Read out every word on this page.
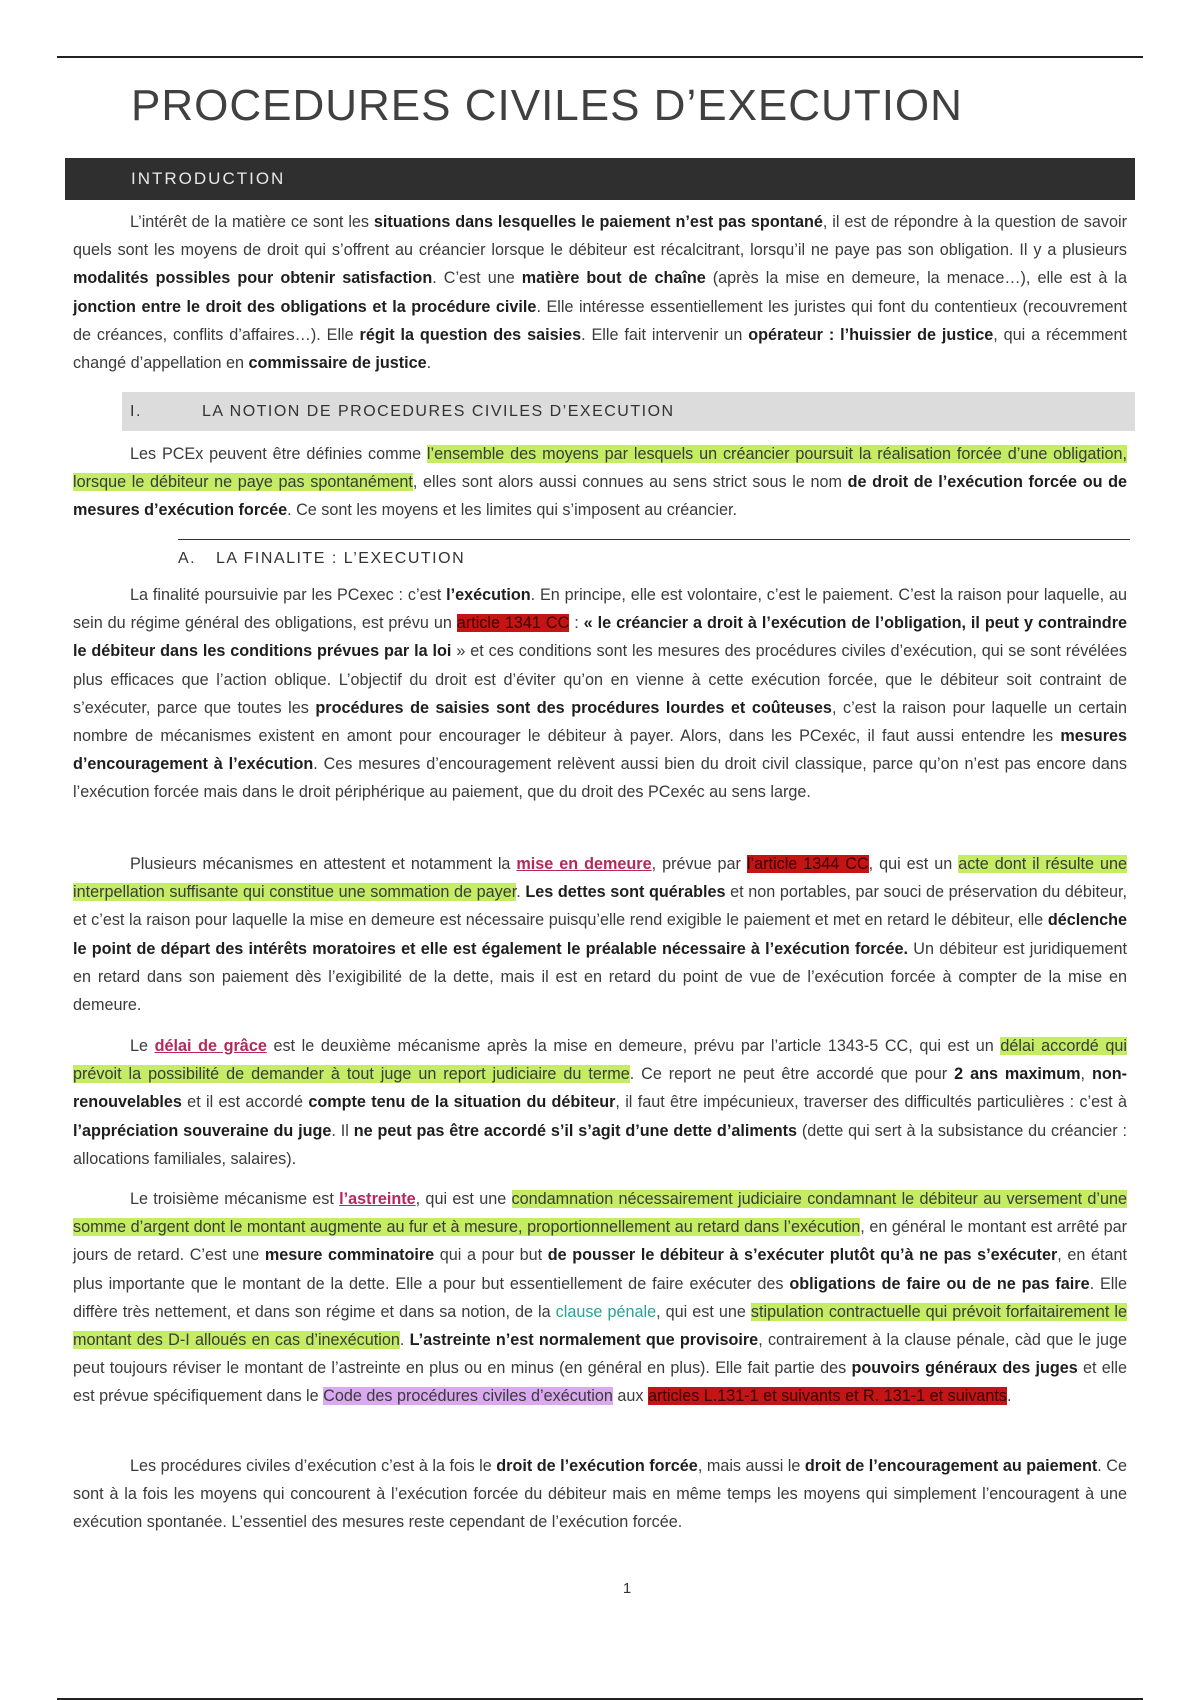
PROCEDURES CIVILES D’EXECUTION
INTRODUCTION

L’intérêt de la matière ce sont les situations dans lesquelles le paiement n’est pas spontané, il est de répondre à la question de savoir quels sont les moyens de droit qui s’offrent au créancier lorsque le débiteur est récalcitrant, lorsqu’il ne paye pas son obligation. Il y a plusieurs modalités possibles pour obtenir satisfaction. C’est une matière bout de chaîne (après la mise en demeure, la menace…), elle est à la jonction entre le droit des obligations et la procédure civile. Elle intéresse essentiellement les juristes qui font du contentieux (recouvrement de créances, conflits d’affaires…). Elle régit la question des saisies. Elle fait intervenir un opérateur : l’huissier de justice, qui a récemment changé d’appellation en commissaire de justice.

I.	LA NOTION DE PROCEDURES CIVILES D’EXECUTION

Les PCEx peuvent être définies comme l’ensemble des moyens par lesquels un créancier poursuit la réalisation forcée d’une obligation, lorsque le débiteur ne paye pas spontanément, elles sont alors aussi connues au sens strict sous le nom de droit de l’exécution forcée ou de mesures d’exécution forcée. Ce sont les moyens et les limites qui s’imposent au créancier.

A. LA FINALITE : L’EXECUTION

La finalité poursuivie par les PCexec : c’est l’exécution. En principe, elle est volontaire, c’est le paiement. C’est la raison pour laquelle, au sein du régime général des obligations, est prévu un article 1341 CC : « le créancier a droit à l’exécution de l’obligation, il peut y contraindre le débiteur dans les conditions prévues par la loi » et ces conditions sont les mesures des procédures civiles d’exécution, qui se sont révélées plus efficaces que l’action oblique. L’objectif du droit est d’éviter qu’on en vienne à cette exécution forcée, que le débiteur soit contraint de s’exécuter, parce que toutes les procédures de saisies sont des procédures lourdes et coûteuses, c’est la raison pour laquelle un certain nombre de mécanismes existent en amont pour encourager le débiteur à payer. Alors, dans les PCexéc, il faut aussi entendre les mesures d’encouragement à l’exécution. Ces mesures d’encouragement relèvent aussi bien du droit civil classique, parce qu’on n’est pas encore dans l’exécution forcée mais dans le droit périphérique au paiement, que du droit des PCexéc au sens large.

Plusieurs mécanismes en attestent et notamment la mise en demeure, prévue par l’article 1344 CC, qui est un acte dont il résulte une interpellation suffisante qui constitue une sommation de payer. Les dettes sont quérables et non portables, par souci de préservation du débiteur, et c’est la raison pour laquelle la mise en demeure est nécessaire puisqu’elle rend exigible le paiement et met en retard le débiteur, elle déclenche le point de départ des intérêts moratoires et elle est également le préalable nécessaire à l’exécution forcée. Un débiteur est juridiquement en retard dans son paiement dès l’exigibilité de la dette, mais il est en retard du point de vue de l’exécution forcée à compter de la mise en demeure.

Le délai de grâce est le deuxième mécanisme après la mise en demeure, prévu par l’article 1343-5 CC, qui est un délai accordé qui prévoit la possibilité de demander à tout juge un report judiciaire du terme. Ce report ne peut être accordé que pour 2 ans maximum, non-renouvelables et il est accordé compte tenu de la situation du débiteur, il faut être impécunieux, traverser des difficultés particulières : c’est à l’appréciation souveraine du juge. Il ne peut pas être accordé s’il s’agit d’une dette d’aliments (dette qui sert à la subsistance du créancier : allocations familiales, salaires).

Le troisième mécanisme est l’astreinte, qui est une condamnation nécessairement judiciaire condamnant le débiteur au versement d’une somme d’argent dont le montant augmente au fur et à mesure, proportionnellement au retard dans l’exécution, en général le montant est arrêté par jours de retard. C’est une mesure comminatoire qui a pour but de pousser le débiteur à s’exécuter plutôt qu’à ne pas s’exécuter, en étant plus importante que le montant de la dette. Elle a pour but essentiellement de faire exécuter des obligations de faire ou de ne pas faire. Elle diffère très nettement, et dans son régime et dans sa notion, de la clause pénale, qui est une stipulation contractuelle qui prévoit forfaitairement le montant des D-I alloués en cas d’inexécution. L’astreinte n’est normalement que provisoire, contrairement à la clause pénale, càd que le juge peut toujours réviser le montant de l’astreinte en plus ou en minus (en général en plus). Elle fait partie des pouvoirs généraux des juges et elle est prévue spécifiquement dans le Code des procédures civiles d’exécution aux articles L.131-1 et suivants et R. 131-1 et suivants.

Les procédures civiles d’exécution c’est à la fois le droit de l’exécution forcée, mais aussi le droit de l’encouragement au paiement. Ce sont à la fois les moyens qui concourent à l’exécution forcée du débiteur mais en même temps les moyens qui simplement l’encouragent à une exécution spontanée. L’essentiel des mesures reste cependant de l’exécution forcée.

1
